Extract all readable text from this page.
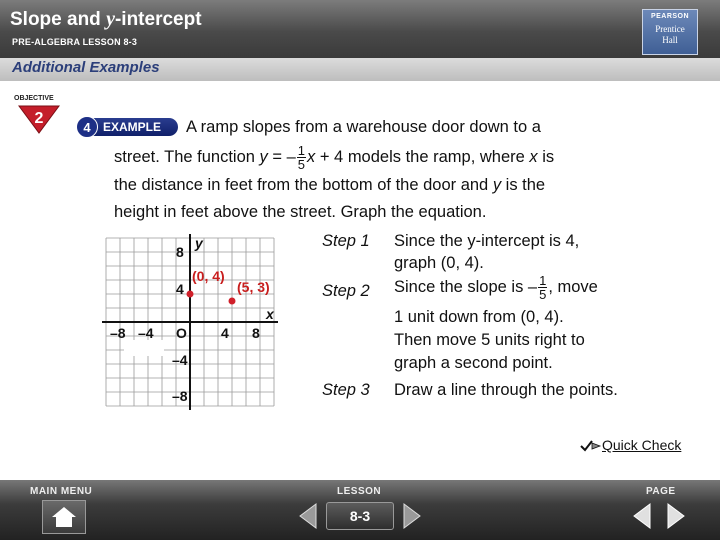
Slope and y-intercept
PRE-ALGEBRA LESSON 8-3
PEARSON
Prentice
Hall
Additional Examples
OBJECTIVE
2	EXAMPLE
4	A ramp slopes from a warehouse door down to a
street. The function y = – $\frac{1}{5}$ x + 4 models the ramp, where x is
the distance in feet from the bottom of the door and y is the
height in feet above the street. Graph the equation.
y
x
O
–8 –4	4 8
8
4
–4
–8
(0, 4)
(5, 3)
Step 1 Since the y-intercept is 4,
graph (0, 4).
Step 2 Since the slope is – $\frac{1}{5}$ , move
1 unit down from (0, 4).
Then move 5 units right to
graph a second point.
Step 3 Draw a line through the points.
Quick Check
MAIN MENU	LESSON	PAGE
8-3
